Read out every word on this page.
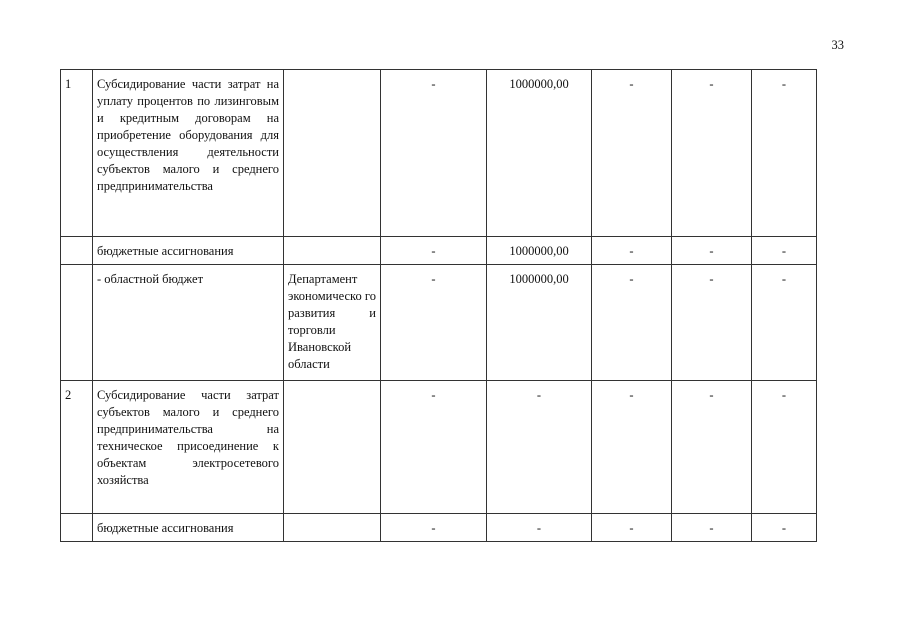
33
1	Субсидирование части затрат на уплату процентов по лизинговым и кредитным договорам на приобретение оборудования для осуществления деятельности субъектов малого и среднего предпринимательства		-	1000000,00	-	-	-
	бюджетные ассигнования		-	1000000,00	-	-	-
	- областной бюджет	Департамент экономическо го развития и торговли Ивановской области	-	1000000,00	-	-	-
2	Субсидирование части затрат субъектов малого и среднего предпринимательства на техническое присоединение к объектам электросетевого хозяйства		-	-	-	-	-
	бюджетные ассигнования		-	-	-	-	-
